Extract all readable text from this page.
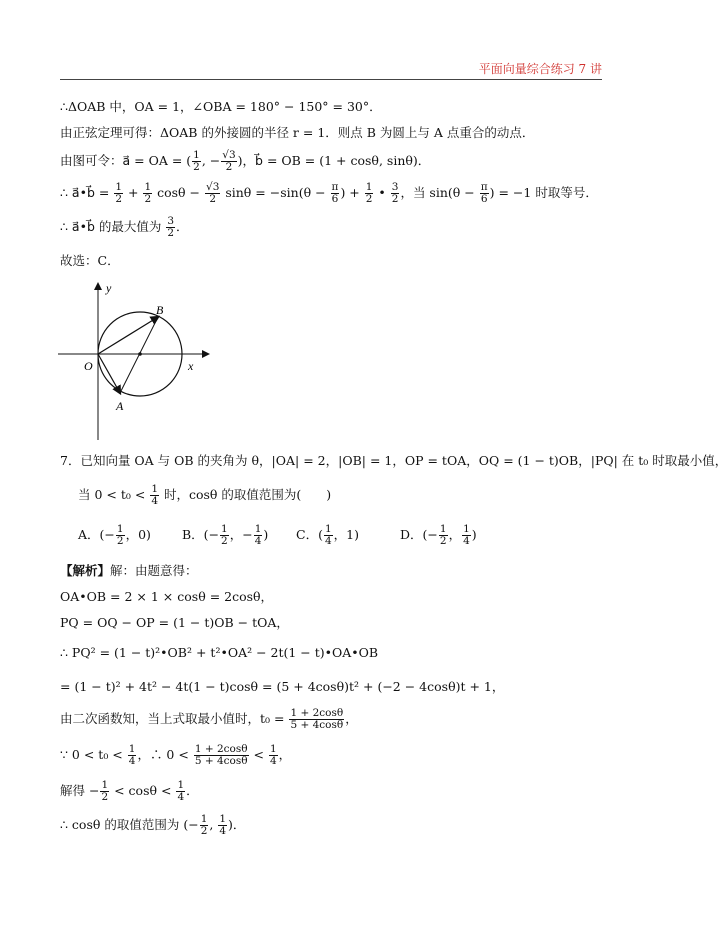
平面向量综合练习 7 讲
∴ΔOAB 中，OA = 1，∠OBA = 180° − 150° = 30°．
由正弦定理可得：ΔOAB 的外接圆的半径 r = 1．则点 B 为圆上与 A 点重合的动点．
由图可令：a⃗ = OA = ( $\frac{1}{2}$ , − $\frac{√3}{2}$ )，b⃗ = OB = (1 + cosθ, sinθ)．
∴ a⃗•b⃗ = $\frac{1}{2} + \frac{1}{2}$ $\cos\theta - \frac{√3}{2}$ $\sin\theta = -\sin(\theta - \frac{\pi}{6}$ ) + $\frac{1}{2}$ • $\frac{3}{2}$ ，当 $\sin(\theta - \frac{\pi}{6}$ ) = −1 时取等号．
∴ a⃗•b⃗ 的最大值为 $\frac{3}{2}$ ．
故选：C．
7．已知向量 OA 与 OB 的夹角为 θ，|OA| = 2，|OB| = 1，OP = tOA，OQ = (1 − t)OB，|PQ| 在 t₀ 时取最小值，
当 $0 < t_0 < \frac{1}{4}$ 时，cosθ 的取值范围为(　　)
A．(− $\frac{1}{2}$ ，0) B．(− $\frac{1}{2}$ ，− $\frac{1}{4}$ ) C．( $\frac{1}{4}$ ，1)	D．(− $\frac{1}{2}$ ， $\frac{1}{4}$ )
【解析】解：由题意得：
OA•OB = 2 × 1 × cosθ = 2cosθ，
PQ = OQ − OP = (1 − t)OB − tOA，
∴ PQ² = (1 − t)²•OB² + t²•OA² − 2t(1 − t)•OA•OB
= (1 − t)² + 4t² − 4t(1 − t)cosθ = (5 + 4cosθ)t² + (−2 − 4cosθ)t + 1，
由二次函数知，当上式取最小值时，$t_0 = \frac{1 + 2\cos\theta}{5 + 4\cos\theta}$ ，
∵ $0 < t_0 < \frac{1}{4}$ ，∴ $0 < \frac{1 + 2\cos\theta}{5 + 4\cos\theta} < \frac{1}{4}$ ，
解得 − $\frac{1}{2} < \cos\theta < \frac{1}{4}$ ．
∴ cosθ 的取值范围为 (− $\frac{1}{2}$ , $\frac{1}{4}$ )．
y
x
O
A
B
